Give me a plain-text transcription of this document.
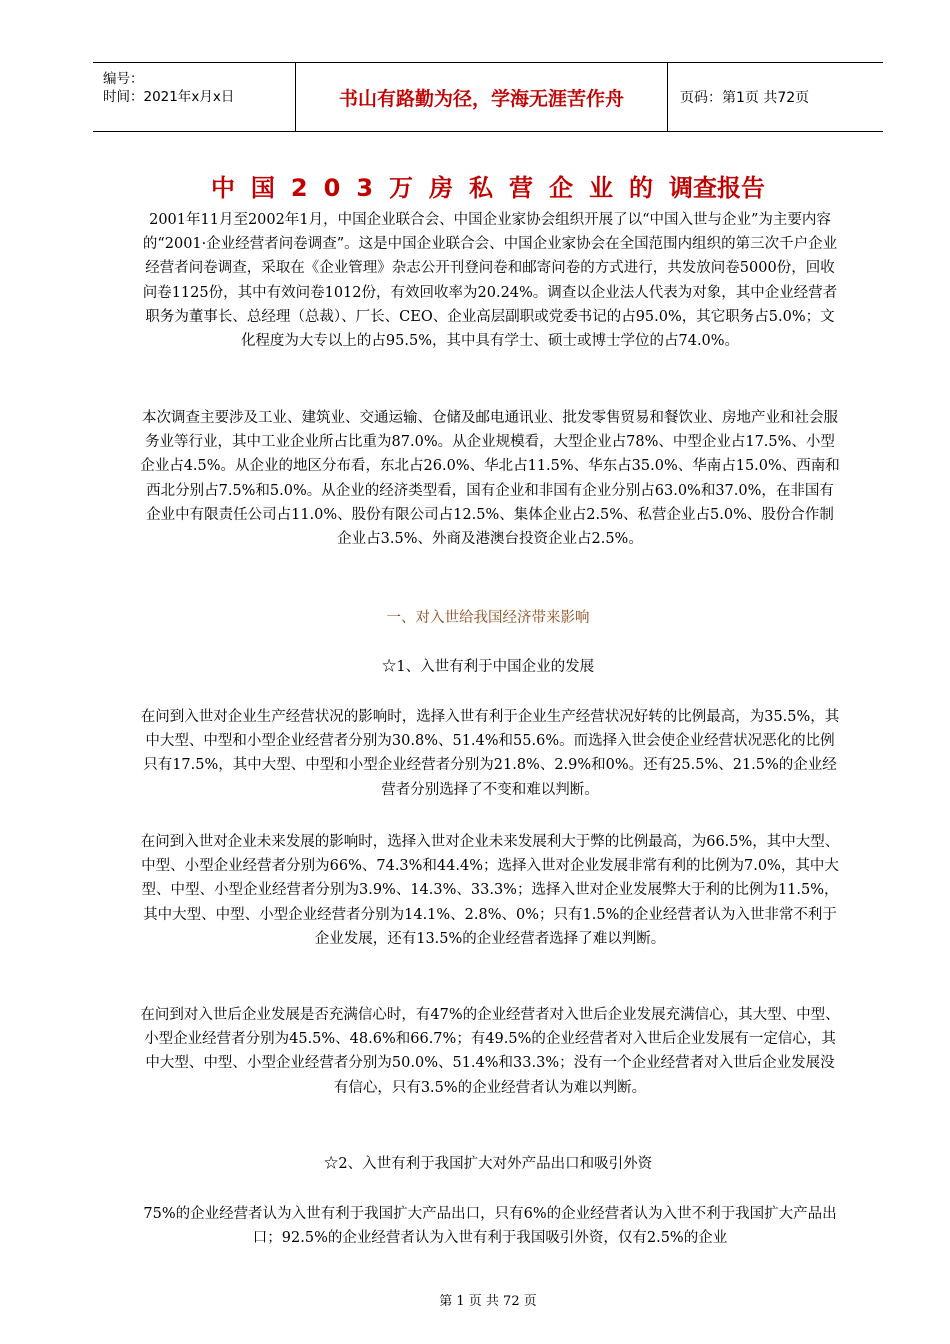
编号：
时间：2021年x月x日	书山有路勤为径，学海无涯苦作舟	页码：第1页 共72页
中国203万房私营企业的调查报告
2001年11月至2002年1月，中国企业联合会、中国企业家协会组织开展了以“中国入世与企业”为主要内容的“2001·企业经营者问卷调查”。这是中国企业联合会、中国企业家协会在全国范围内组织的第三次千户企业经营者问卷调查，采取在《企业管理》杂志公开刊登问卷和邮寄问卷的方式进行，共发放问卷5000份，回收问卷1125份，其中有效问卷1012份，有效回收率为20.24%。调查以企业法人代表为对象，其中企业经营者职务为董事长、总经理（总裁）、厂长、CEO、企业高层副职或党委书记的占95.0%，其它职务占5.0%；文化程度为大专以上的占95.5%，其中具有学士、硕士或博士学位的占74.0%。
本次调查主要涉及工业、建筑业、交通运输、仓储及邮电通讯业、批发零售贸易和餐饮业、房地产业和社会服务业等行业，其中工业企业所占比重为87.0%。从企业规模看，大型企业占78%、中型企业占17.5%、小型企业占4.5%。从企业的地区分布看，东北占26.0%、华北占11.5%、华东占35.0%、华南占15.0%、西南和西北分别占7.5%和5.0%。从企业的经济类型看，国有企业和非国有企业分别占63.0%和37.0%，在非国有企业中有限责任公司占11.0%、股份有限公司占12.5%、集体企业占2.5%、私营企业占5.0%、股份合作制企业占3.5%、外商及港澳台投资企业占2.5%。
一、对入世给我国经济带来影响
☆1、入世有利于中国企业的发展
在问到入世对企业生产经营状况的影响时，选择入世有利于企业生产经营状况好转的比例最高，为35.5%，其中大型、中型和小型企业经营者分别为30.8%、51.4%和55.6%。而选择入世会使企业经营状况恶化的比例只有17.5%，其中大型、中型和小型企业经营者分别为21.8%、2.9%和0%。还有25.5%、21.5%的企业经营者分别选择了不变和难以判断。
在问到入世对企业未来发展的影响时，选择入世对企业未来发展利大于弊的比例最高，为66.5%，其中大型、中型、小型企业经营者分别为66%、74.3%和44.4%；选择入世对企业发展非常有利的比例为7.0%，其中大型、中型、小型企业经营者分别为3.9%、14.3%、33.3%；选择入世对企业发展弊大于利的比例为11.5%，其中大型、中型、小型企业经营者分别为14.1%、2.8%、0%；只有1.5%的企业经营者认为入世非常不利于企业发展，还有13.5%的企业经营者选择了难以判断。
在问到对入世后企业发展是否充满信心时，有47%的企业经营者对入世后企业发展充满信心，其大型、中型、小型企业经营者分别为45.5%、48.6%和66.7%；有49.5%的企业经营者对入世后企业发展有一定信心，其中大型、中型、小型企业经营者分别为50.0%、51.4%和33.3%；没有一个企业经营者对入世后企业发展没有信心，只有3.5%的企业经营者认为难以判断。
☆2、入世有利于我国扩大对外产品出口和吸引外资
75%的企业经营者认为入世有利于我国扩大产品出口，只有6%的企业经营者认为入世不利于我国扩大产品出口；92.5%的企业经营者认为入世有利于我国吸引外资，仅有2.5%的企业
第 1 页 共 72 页
